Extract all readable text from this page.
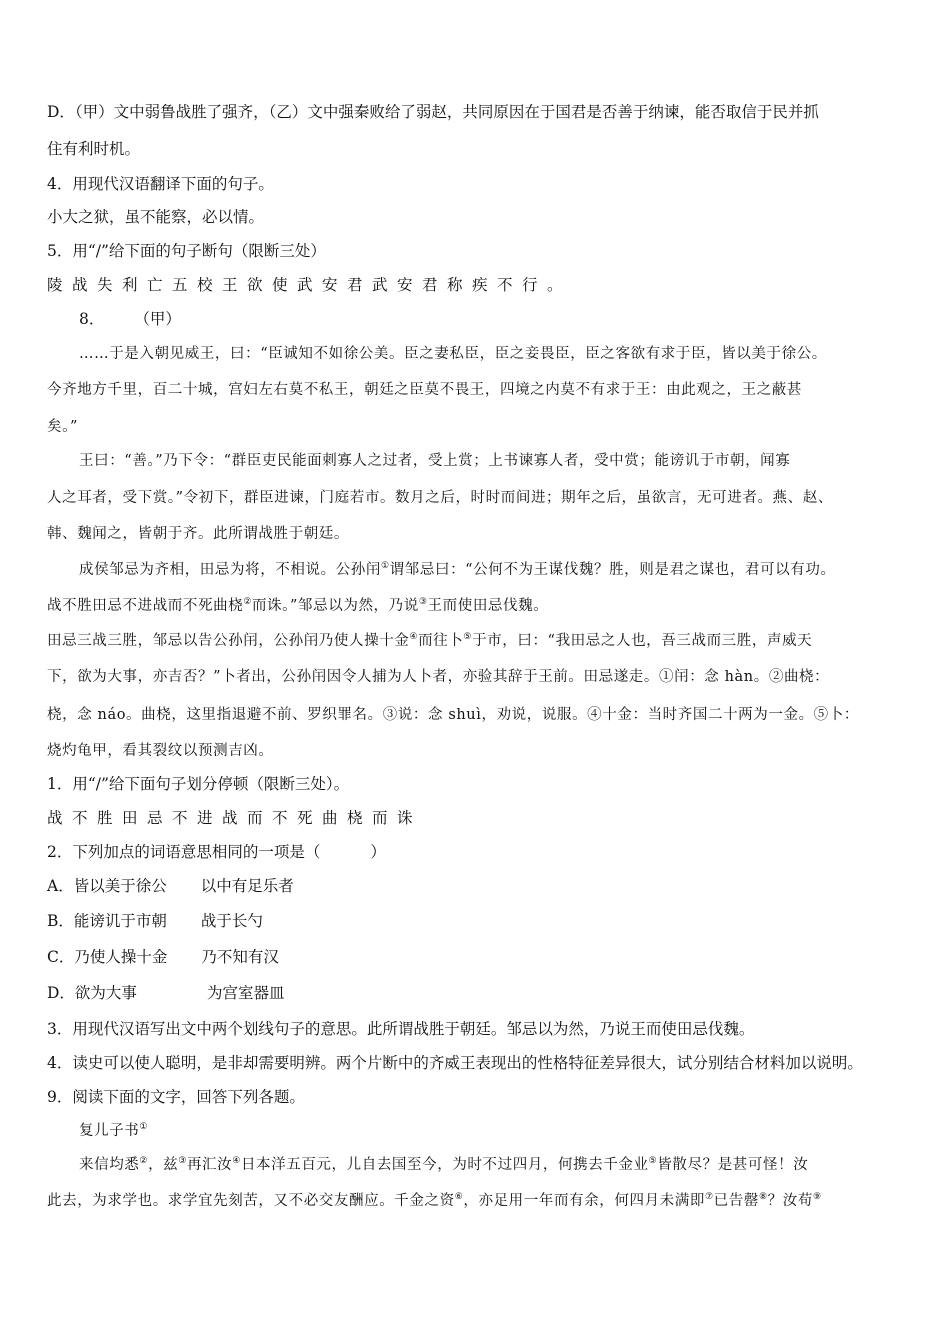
D．（甲）文中弱鲁战胜了强齐，（乙）文中强秦败给了弱赵，共同原因在于国君是否善于纳谏，能否取信于民并抓
住有利时机。
4．用现代汉语翻译下面的句子。
小大之狱，虽不能察，必以情。
5．用“/”给下面的句子断句（限断三处）
陵战失利亡五校王欲使武安君武安君称疾不行。
8． （甲）
……于是入朝见威王，曰：“臣诚知不如徐公美。臣之妻私臣，臣之妾畏臣，臣之客欲有求于臣，皆以美于徐公。
今齐地方千里，百二十城，宫妇左右莫不私王，朝廷之臣莫不畏王，四境之内莫不有求于王：由此观之，王之蔽甚
矣。”
王曰：“善。”乃下令：“群臣吏民能面刺寡人之过者，受上赏；上书谏寡人者，受中赏；能谤讥于市朝，闻寡
人之耳者，受下赏。”令初下，群臣进谏，门庭若市。数月之后，时时而间进；期年之后，虽欲言，无可进者。燕、赵、
韩、魏闻之，皆朝于齐。此所谓战胜于朝廷。
成侯邹忌为齐相，田忌为将，不相说。公孙闬①谓邹忌曰：“公何不为王谋伐魏？胜，则是君之谋也，君可以有功。
战不胜田忌不进战而不死曲桡②而诛。”邹忌以为然，乃说③王而使田忌伐魏。
田忌三战三胜，邹忌以告公孙闬，公孙闬乃使人操十金④而往卜⑤于市，曰：“我田忌之人也，吾三战而三胜，声威天
下，欲为大事，亦吉否？”卜者出，公孙闬因令人捕为人卜者，亦验其辞于王前。田忌遂走。①闬：念 hàn。②曲桡：
桡，念 náo。曲桡，这里指退避不前、罗织罪名。③说：念 shuì，劝说，说服。④十金：当时齐国二十两为一金。⑤卜：
烧灼龟甲，看其裂纹以预测吉凶。
1．用“/”给下面句子划分停顿（限断三处）。
战不胜田忌不进战而不死曲桡而诛
2．下列加点的词语意思相同的一项是（	）
A．皆以美于徐公 以中有足乐者
B．能谤讥于市朝 战于长勺
C．乃使人操十金 乃不知有汉
D．欲为大事	为宫室器皿
3．用现代汉语写出文中两个划线句子的意思。此所谓战胜于朝廷。邹忌以为然，乃说王而使田忌伐魏。
4．读史可以使人聪明，是非却需要明辨。两个片断中的齐威王表现出的性格特征差异很大，试分别结合材料加以说明。
9．阅读下面的文字，回答下列各题。
复儿子书①
来信均悉②，兹③再汇汝④日本洋五百元，儿自去国至今，为时不过四月，何携去千金业⑤皆散尽？是甚可怪！汝
此去，为求学也。求学宜先刻苦，又不必交友酬应。千金之资⑥，亦足用一年而有余，何四月未满即⑦已告罄⑧？汝苟⑨
